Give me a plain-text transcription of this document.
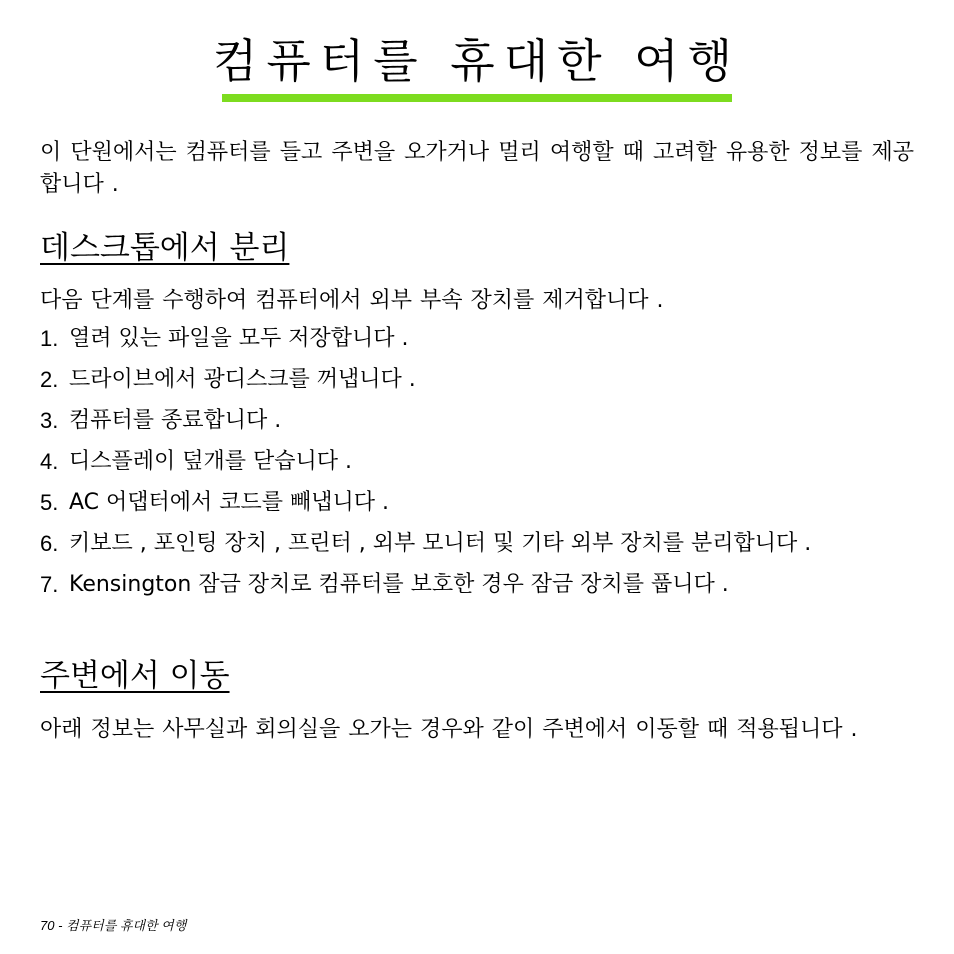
컴퓨터를 휴대한 여행

이 단원에서는 컴퓨터를 들고 주변을 오가거나 멀리 여행할 때 고려할 유용한 정보를 제공합니다 .

데스크톱에서 분리

다음 단계를 수행하여 컴퓨터에서 외부 부속 장치를 제거합니다 .

1. 열려 있는 파일을 모두 저장합니다 .
2. 드라이브에서 광디스크를 꺼냅니다 .
3. 컴퓨터를 종료합니다 .
4. 디스플레이 덮개를 닫습니다 .
5. AC 어댑터에서 코드를 빼냅니다 .
6. 키보드 , 포인팅 장치 , 프린터 , 외부 모니터 및 기타 외부 장치를 분리합니다 .
7. Kensington 잠금 장치로 컴퓨터를 보호한 경우 잠금 장치를 풉니다 .
주변에서 이동

아래 정보는 사무실과 회의실을 오가는 경우와 같이 주변에서 이동할 때 적용됩니다 .

70 - 컴퓨터를 휴대한 여행
